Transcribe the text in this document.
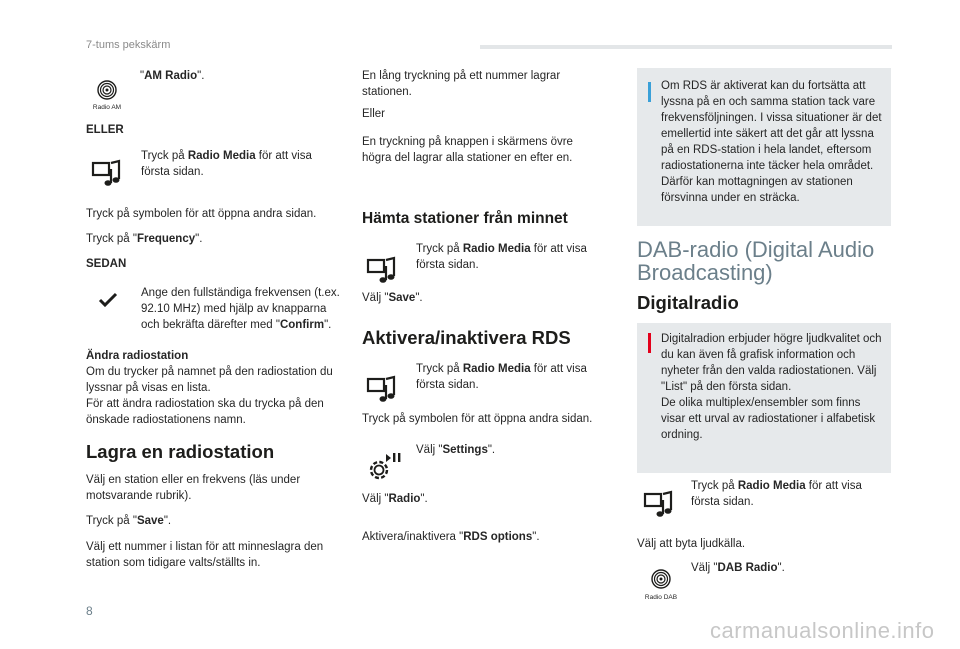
7-tums pekskärm
Radio AM
"AM Radio".
ELLER
Tryck på Radio Media för att visa första sidan.
Tryck på symbolen för att öppna andra sidan.
Tryck på "Frequency".
SEDAN
Ange den fullständiga frekvensen (t.ex. 92.10 MHz) med hjälp av knapparna och bekräfta därefter med "Confirm".
Ändra radiostation
Om du trycker på namnet på den radiostation du lyssnar på visas en lista.
För att ändra radiostation ska du trycka på den önskade radiostationens namn.
Lagra en radiostation
Välj en station eller en frekvens (läs under motsvarande rubrik).
Tryck på "Save".
Välj ett nummer i listan för att minneslagra den station som tidigare valts/ställts in.
En lång tryckning på ett nummer lagrar stationen.
Eller
En tryckning på knappen i skärmens övre högra del lagrar alla stationer en efter en.
Hämta stationer från minnet
Tryck på Radio Media för att visa första sidan.
Välj "Save".
Aktivera/inaktivera RDS
Tryck på Radio Media för att visa första sidan.
Tryck på symbolen för att öppna andra sidan.
Välj "Settings".
Välj "Radio".
Aktivera/inaktivera "RDS options".
Om RDS är aktiverat kan du fortsätta att lyssna på en och samma station tack vare frekvensföljningen. I vissa situationer är det emellertid inte säkert att det går att lyssna på en RDS-station i hela landet, eftersom radiostationerna inte täcker hela området. Därför kan mottagningen av stationen försvinna under en sträcka.
DAB-radio (Digital Audio Broadcasting)
Digitalradio
Digitalradion erbjuder högre ljudkvalitet och du kan även få grafisk information och nyheter från den valda radiostationen. Välj "List" på den första sidan.
De olika multiplex/ensembler som finns visar ett urval av radiostationer i alfabetisk ordning.
Tryck på Radio Media för att visa första sidan.
Välj att byta ljudkälla.
Radio DAB
Välj "DAB Radio".
8
carmanualsonline.info
